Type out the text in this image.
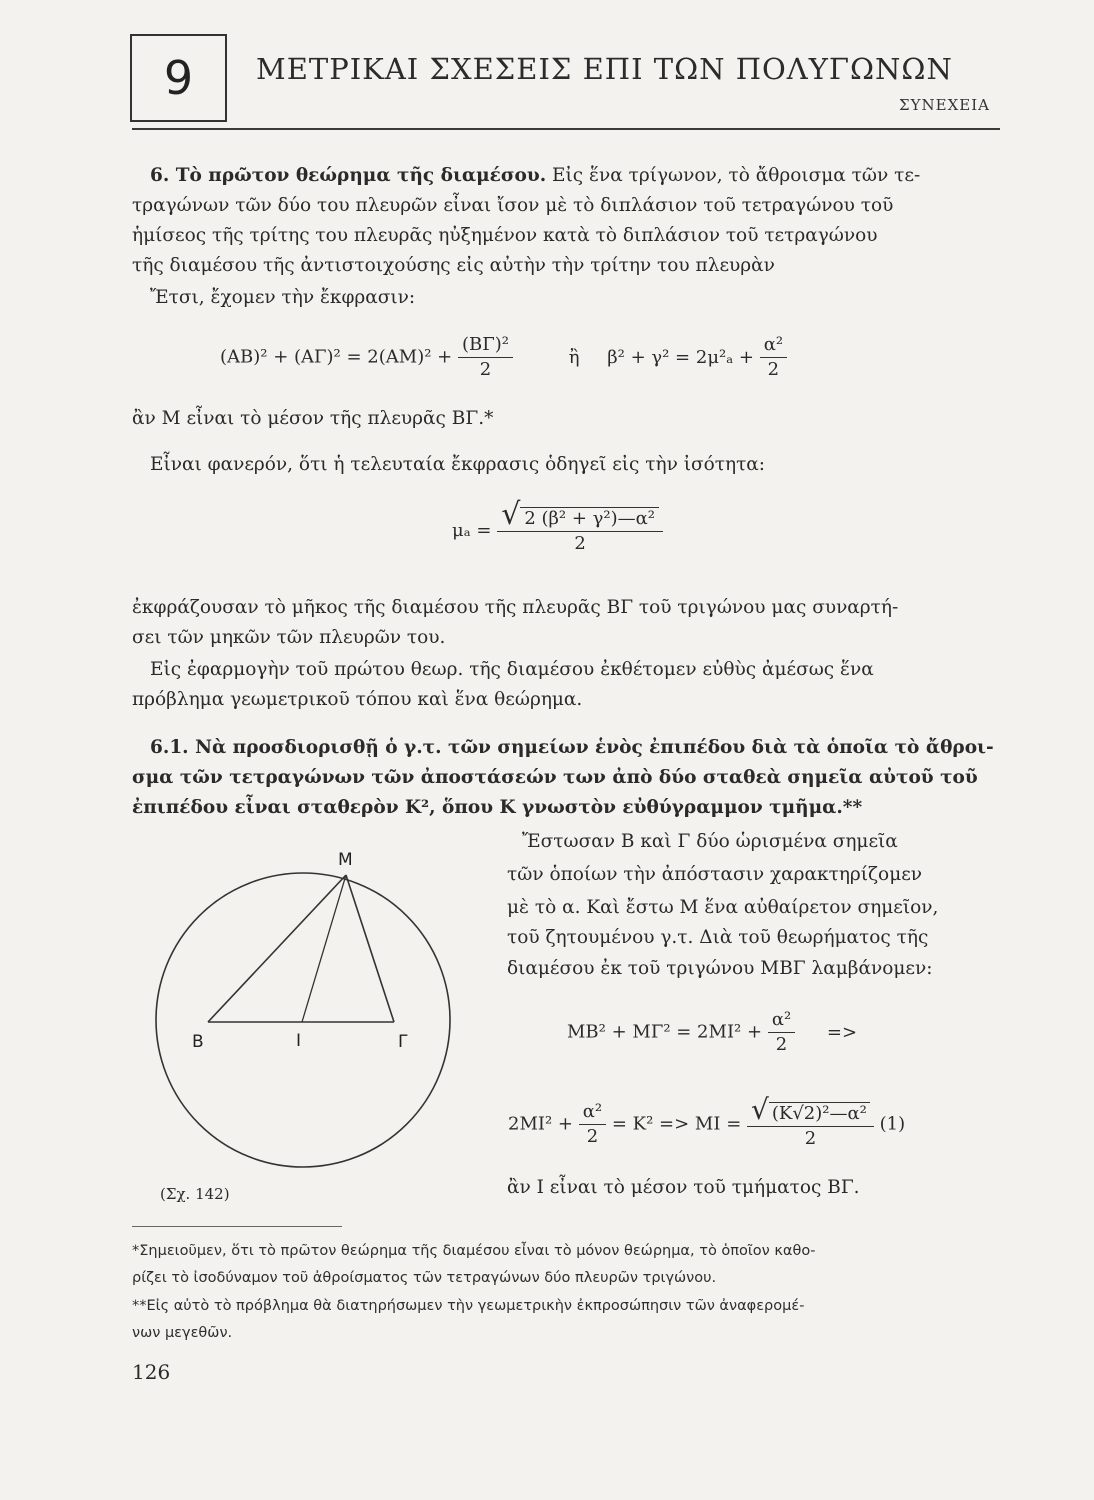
9 ΜΕΤΡΙΚΑΙ ΣΧΕΣΕΙΣ ΕΠΙ ΤΩΝ ΠΟΛΥΓΩΝΩΝ
ΣΥΝΕΧΕΙΑ
6. Τὸ πρῶτον θεώρημα τῆς διαμέσου. Εἰς ἕνα τρίγωνον, τὸ ἄθροισμα τῶν τε-
τραγώνων τῶν δύο του πλευρῶν εἶναι ἴσον μὲ τὸ διπλάσιον τοῦ τετραγώνου τοῦ
ἡμίσεος τῆς τρίτης του πλευρᾶς ηὐξημένον κατὰ τὸ διπλάσιον τοῦ τετραγώνου
τῆς διαμέσου τῆς ἀντιστοιχούσης εἰς αὐτὴν τὴν τρίτην του πλευρὰν
Ἔτσι, ἔχομεν τὴν ἔκφρασιν:
$(AB)^2 + (A\Gamma)^2 = 2(AM)^2 + \frac{\text{(ΒΓ)²}}{2}$	ἢ $\beta^2 + \gamma^2 = 2\mu^2_a + \frac{\text{α²}}{2}$
ἂν Μ εἶναι τὸ μέσον τῆς πλευρᾶς ΒΓ.*
Εἶναι φανερόν, ὅτι ἡ τελευταία ἔκφρασις ὁδηγεῖ εἰς τὴν ἰσότητα:
$\mu_a = \frac{\text{√ 2 (β² + γ²)—α²}}{2}$
ἐκφράζουσαν τὸ μῆκος τῆς διαμέσου τῆς πλευρᾶς ΒΓ τοῦ τριγώνου μας συναρτή-
σει τῶν μηκῶν τῶν πλευρῶν του.
Εἰς ἐφαρμογὴν τοῦ πρώτου θεωρ. τῆς διαμέσου ἐκθέτομεν εὐθὺς ἀμέσως ἕνα
πρόβλημα γεωμετρικοῦ τόπου καὶ ἕνα θεώρημα.
6.1. Νὰ προσδιορισθῇ ὁ γ.τ. τῶν σημείων ἑνὸς ἐπιπέδου διὰ τὰ ὁποῖα τὸ ἄθροι-
σμα τῶν τετραγώνων τῶν ἀποστάσεών των ἀπὸ δύο σταθεὰ σημεῖα αὐτοῦ τοῦ
ἐπιπέδου εἶναι σταθερὸν Κ², ὅπου Κ γνωστὸν εὐθύγραμμον τμῆμα.**
Ἔστωσαν Β καὶ Γ δύο ὡρισμένα σημεῖα
τῶν ὁποίων τὴν ἀπόστασιν χαρακτηρίζομεν
μὲ τὸ α. Καὶ ἔστω Μ ἕνα αὐθαίρετον σημεῖον,
τοῦ ζητουμένου γ.τ. Διὰ τοῦ θεωρήματος τῆς
διαμέσου ἐκ τοῦ τριγώνου ΜΒΓ λαμβάνομεν:
Μ
Β	Ι	Γ
(Σχ. 142)
$MB^2 + M\Gamma^2 = 2MI^2 + \frac{\text{α²}}{2}$ =>
$2MI^2 + \frac{\text{α²}}{2} = K^2 => MI = \frac{\text{√ (Κ√2)²—α²}}{2} (1)$
ἂν Ι εἶναι τὸ μέσον τοῦ τμήματος ΒΓ.
*Σημειοῦμεν, ὅτι τὸ πρῶτον θεώρημα τῆς διαμέσου εἶναι τὸ μόνον θεώρημα, τὸ ὁποῖον καθο-
ρίζει τὸ ἰσοδύναμον τοῦ ἀθροίσματος τῶν τετραγώνων δύο πλευρῶν τριγώνου.
**Εἰς αὐτὸ τὸ πρόβλημα θὰ διατηρήσωμεν τὴν γεωμετρικὴν ἐκπροσώπησιν τῶν ἀναφερομέ-
νων μεγεθῶν.
126
